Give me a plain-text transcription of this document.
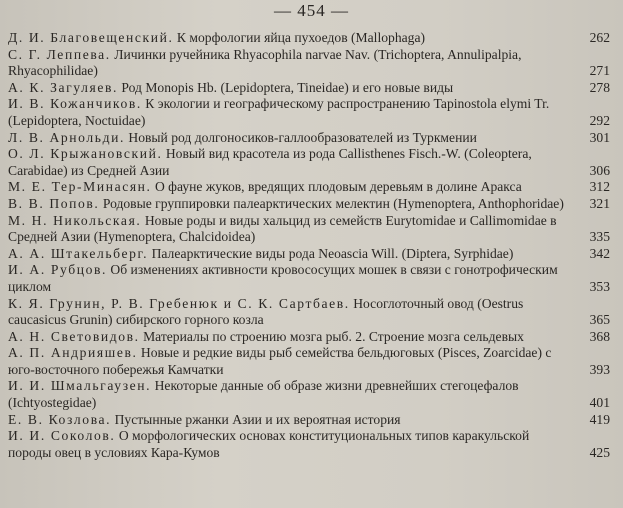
— 454 —
Д. И. Благовещенский. К морфологии яйца пухоедов (Mallophaga)	262
С. Г. Леппева. Личинки ручейника Rhyacophila narvae Nav. (Trichoptera, Annulipalpia, Rhyacophilidae)	271
А. К. Загуляев. Род Monopis Hb. (Lepidoptera, Tineidae) и его новые виды	278
И. В. Кожанчиков. К экологии и географическому распространению Tapinostola elymi Tr. (Lepidoptera, Noctuidae)	292
Л. В. Арнольди. Новый род долгоносиков-галлообразователей из Туркмении	301
О. Л. Крыжановский. Новый вид красотела из рода Callisthenes Fisch.-W. (Coleoptera, Carabidae) из Средней Азии	306
М. Е. Тер-Минасян. О фауне жуков, вредящих плодовым деревьям в долине Аракса	312
В. В. Попов. Родовые группировки палеарктических мелектин (Hymenoptera, Anthophoridae)	321
М. Н. Никольская. Новые роды и виды хальцид из семейств Eurytomidae и Callimomidae в Средней Азии (Hymenoptera, Chalcidoidea)	335
А. А. Штакельберг. Палеарктические виды рода Neoascia Will. (Diptera, Syrphidae)	342
И. А. Рубцов. Об изменениях активности кровососущих мошек в связи с гонотрофическим циклом	353
К. Я. Грунин, Р. В. Гребенюк и С. К. Сартбаев. Носоглоточный овод (Oestrus caucasicus Grunin) сибирского горного козла	365
А. Н. Световидов. Материалы по строению мозга рыб. 2. Строение мозга сельдевых	368
А. П. Андрияшев. Новые и редкие виды рыб семейства бельдюговых (Pisces, Zoarcidae) с юго-восточного побережья Камчатки	393
И. И. Шмальгаузен. Некоторые данные об образе жизни древнейших стегоцефалов (Ichtyostegidae)	401
Е. В. Козлова. Пустынные ржанки Азии и их вероятная история	419
И. И. Соколов. О морфологических основах конституциональных типов каракульской породы овец в условиях Кара-Кумов	425
